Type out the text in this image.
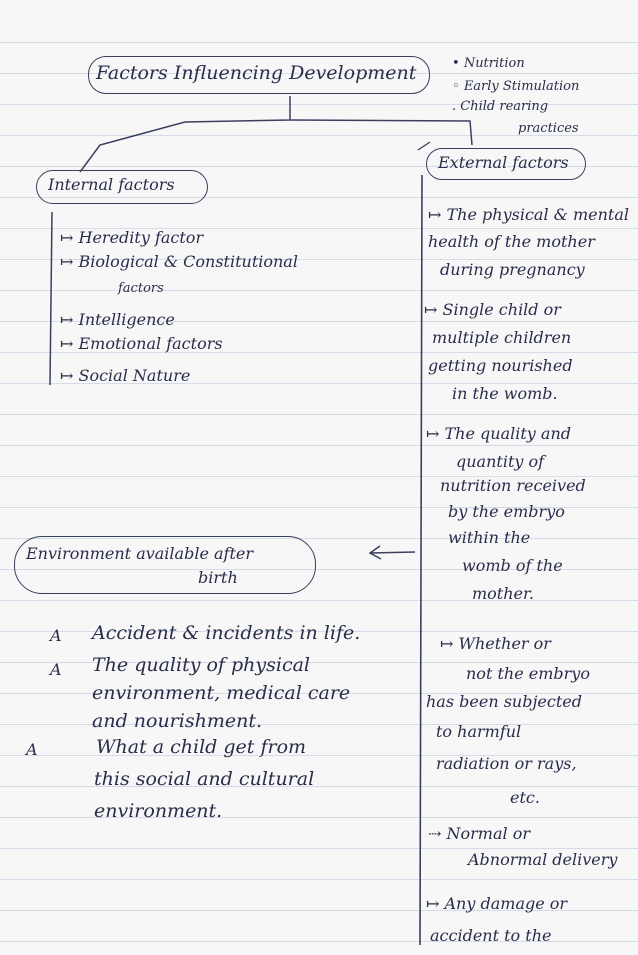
Factors Influencing Development	• Nutrition
◦ Early Stimulation
. Child rearing
practices
Internal factors
↦ Heredity factor
↦ Biological & Constitutional
factors
↦ Intelligence
↦ Emotional factors
↦ Social Nature
External factors
↦ The physical & mental
health of the mother
during pregnancy
↦ Single child or
multiple children
getting nourished
in the womb.
↦ The quality and
quantity of
nutrition received
by the embryo
within the
womb of the
mother.
↦ Whether or
not the embryo
has been subjected
to harmful
radiation or rays,
etc.
⇢ Normal or
Abnormal delivery
↦ Any damage or
accident to the
Environment available after
birth
A Accident & incidents in life.
A The quality of physical
environment, medical care
and nourishment.
A	What a child get from
this social and cultural
environment.
